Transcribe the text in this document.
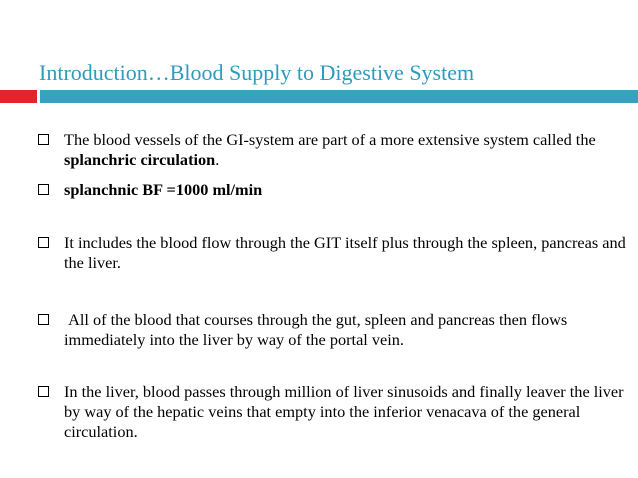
Introduction…Blood Supply to Digestive System
The blood vessels of the GI-system are part of a more extensive system called the splanchric circulation.
splanchnic BF =1000 ml/min
It includes the blood flow through the GIT itself plus through the spleen, pancreas and the liver.
All of the blood that courses through the gut, spleen and pancreas then flows immediately into the liver by way of the portal vein.
In the liver, blood passes through million of liver sinusoids and finally leaver the liver by way of the hepatic veins that empty into the inferior venacava of the general circulation.
